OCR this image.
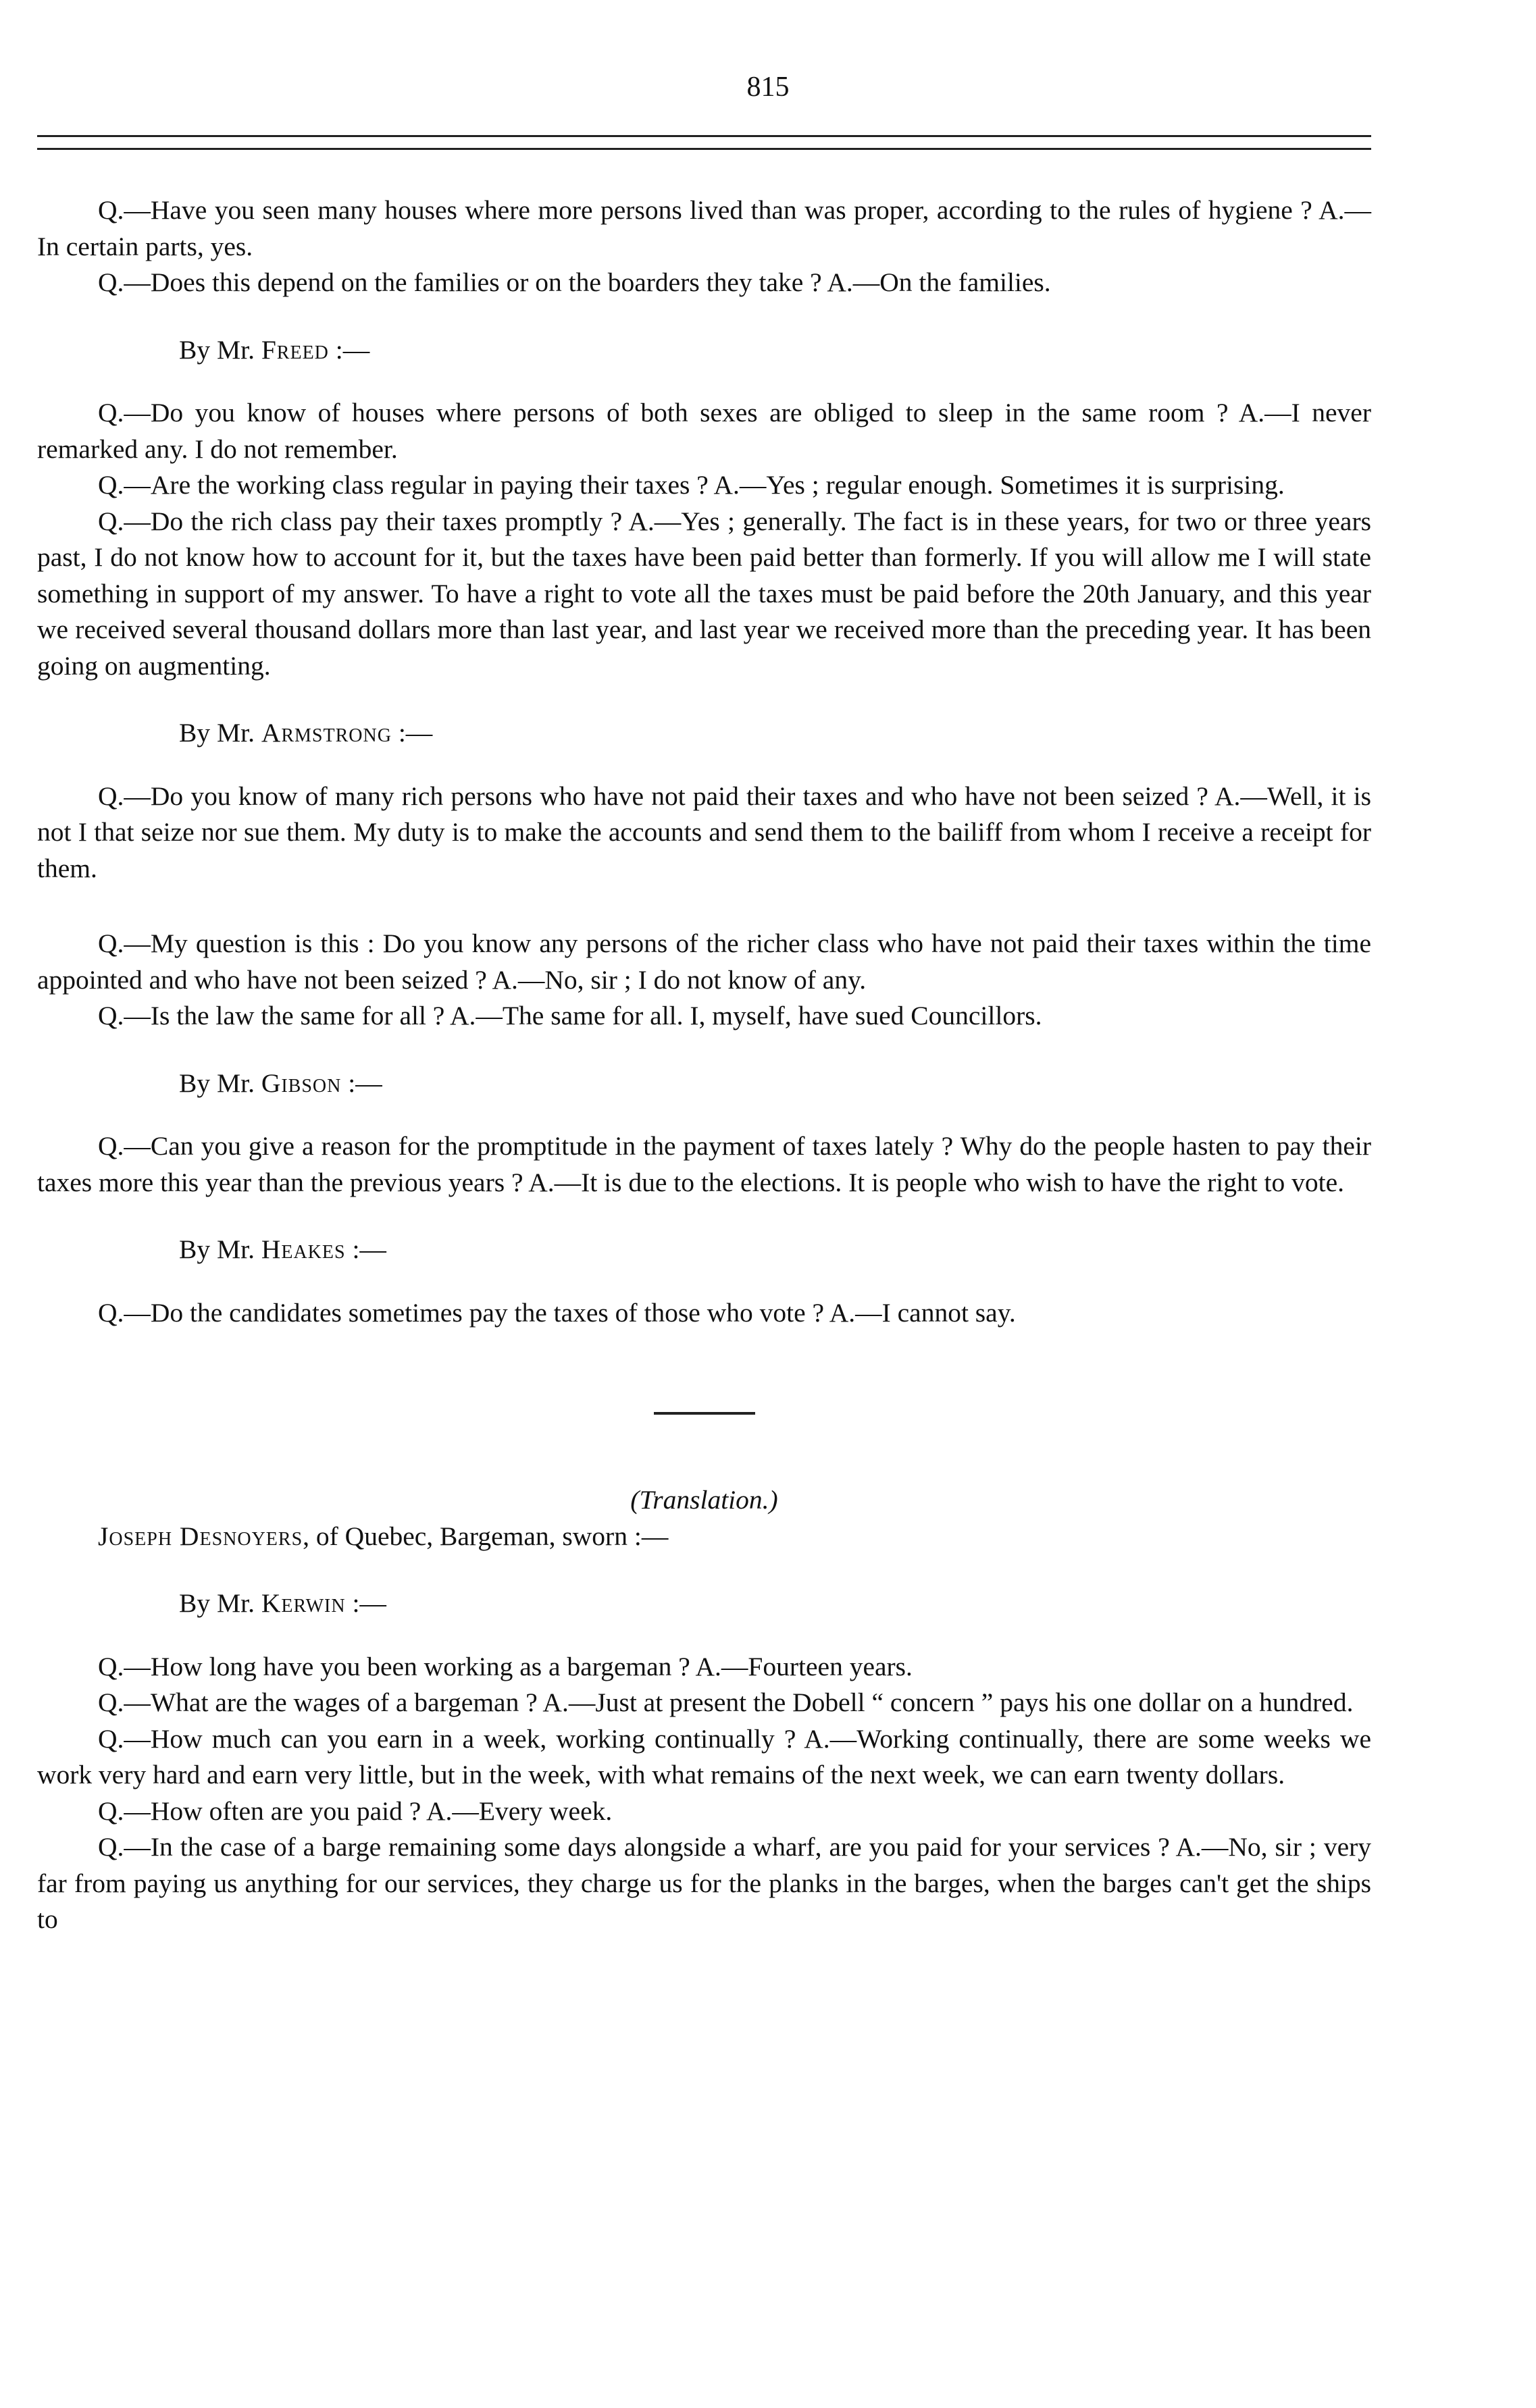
815

Q.—Have you seen many houses where more persons lived than was proper, according to the rules of hygiene ? A.—In certain parts, yes.

Q.—Does this depend on the families or on the boarders they take ? A.—On the families.

By Mr. Freed :—

Q.—Do you know of houses where persons of both sexes are obliged to sleep in the same room ? A.—I never remarked any. I do not remember.

Q.—Are the working class regular in paying their taxes ? A.—Yes ; regular enough. Sometimes it is surprising.

Q.—Do the rich class pay their taxes promptly ? A.—Yes ; generally. The fact is in these years, for two or three years past, I do not know how to account for it, but the taxes have been paid better than formerly. If you will allow me I will state something in support of my answer. To have a right to vote all the taxes must be paid before the 20th January, and this year we received several thousand dollars more than last year, and last year we received more than the preceding year. It has been going on augmenting.

By Mr. Armstrong :—

Q.—Do you know of many rich persons who have not paid their taxes and who have not been seized ? A.—Well, it is not I that seize nor sue them. My duty is to make the accounts and send them to the bailiff from whom I receive a receipt for them.

Q.—My question is this : Do you know any persons of the richer class who have not paid their taxes within the time appointed and who have not been seized ? A.—No, sir ; I do not know of any.

Q.—Is the law the same for all ? A.—The same for all. I, myself, have sued Councillors.

By Mr. Gibson :—

Q.—Can you give a reason for the promptitude in the payment of taxes lately ? Why do the people hasten to pay their taxes more this year than the previous years ? A.—It is due to the elections. It is people who wish to have the right to vote.

By Mr. Heakes :—

Q.—Do the candidates sometimes pay the taxes of those who vote ? A.—I cannot say.

(Translation.)

Joseph Desnoyers, of Quebec, Bargeman, sworn :—

By Mr. Kerwin :—

Q.—How long have you been working as a bargeman ? A.—Fourteen years.

Q.—What are the wages of a bargeman ? A.—Just at present the Dobell “ concern ” pays his one dollar on a hundred.

Q.—How much can you earn in a week, working continually ? A.—Working continually, there are some weeks we work very hard and earn very little, but in the week, with what remains of the next week, we can earn twenty dollars.

Q.—How often are you paid ? A.—Every week.

Q.—In the case of a barge remaining some days alongside a wharf, are you paid for your services ? A.—No, sir ; very far from paying us anything for our services, they charge us for the planks in the barges, when the barges can't get the ships to
